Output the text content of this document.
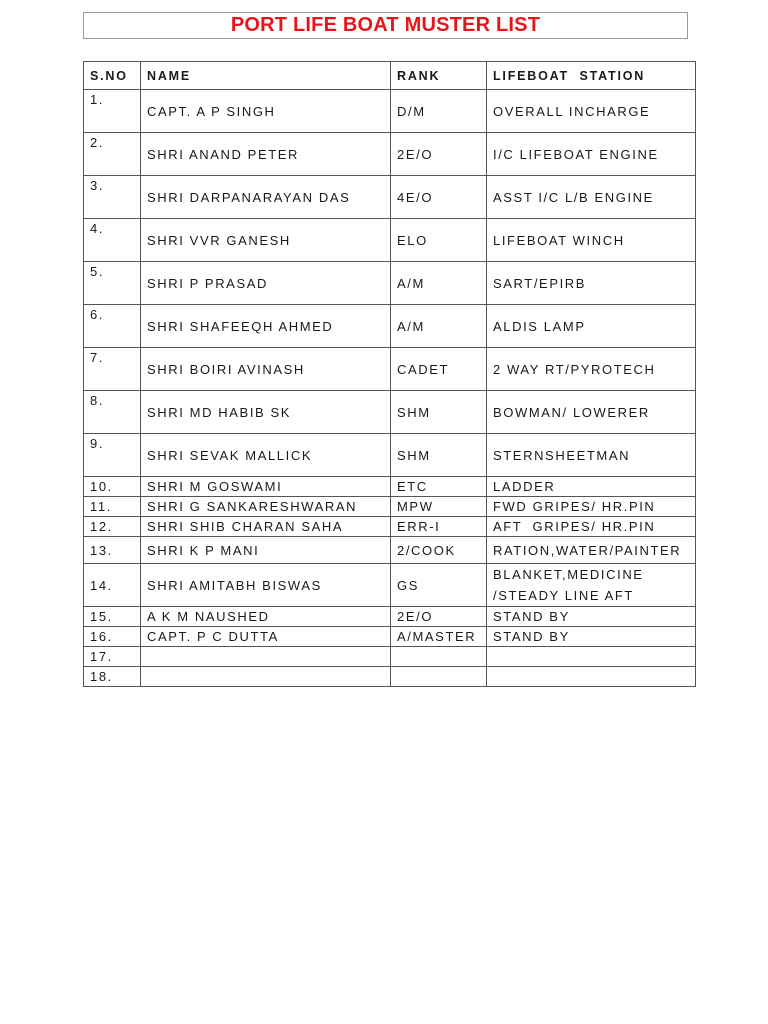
PORT LIFE BOAT MUSTER LIST
S.NO	NAME	RANK	LIFEBOAT  STATION
1.	CAPT. A P SINGH	D/M	OVERALL INCHARGE
2.	SHRI ANAND PETER	2E/O	I/C LIFEBOAT ENGINE
3.	SHRI DARPANARAYAN DAS	4E/O	ASST I/C L/B ENGINE
4.	SHRI VVR GANESH	ELO	LIFEBOAT WINCH
5.	SHRI P PRASAD	A/M	SART/EPIRB
6.	SHRI SHAFEEQH AHMED	A/M	ALDIS LAMP
7.	SHRI BOIRI AVINASH	CADET	2 WAY RT/PYROTECH
8.	SHRI MD HABIB SK	SHM	BOWMAN/ LOWERER
9.	SHRI SEVAK MALLICK	SHM	STERNSHEETMAN
10.	SHRI M GOSWAMI	ETC	LADDER
11.	SHRI G SANKARESHWARAN	MPW	FWD GRIPES/ HR.PIN
12.	SHRI SHIB CHARAN SAHA	ERR-I	AFT  GRIPES/ HR.PIN
13.	SHRI K P MANI	2/COOK	RATION,WATER/PAINTER
14.	SHRI AMITABH BISWAS	GS	BLANKET,MEDICINE /STEADY LINE AFT
15.	A K M NAUSHED	2E/O	STAND BY
16.	CAPT. P C DUTTA	A/MASTER	STAND BY
17.			
18.			
